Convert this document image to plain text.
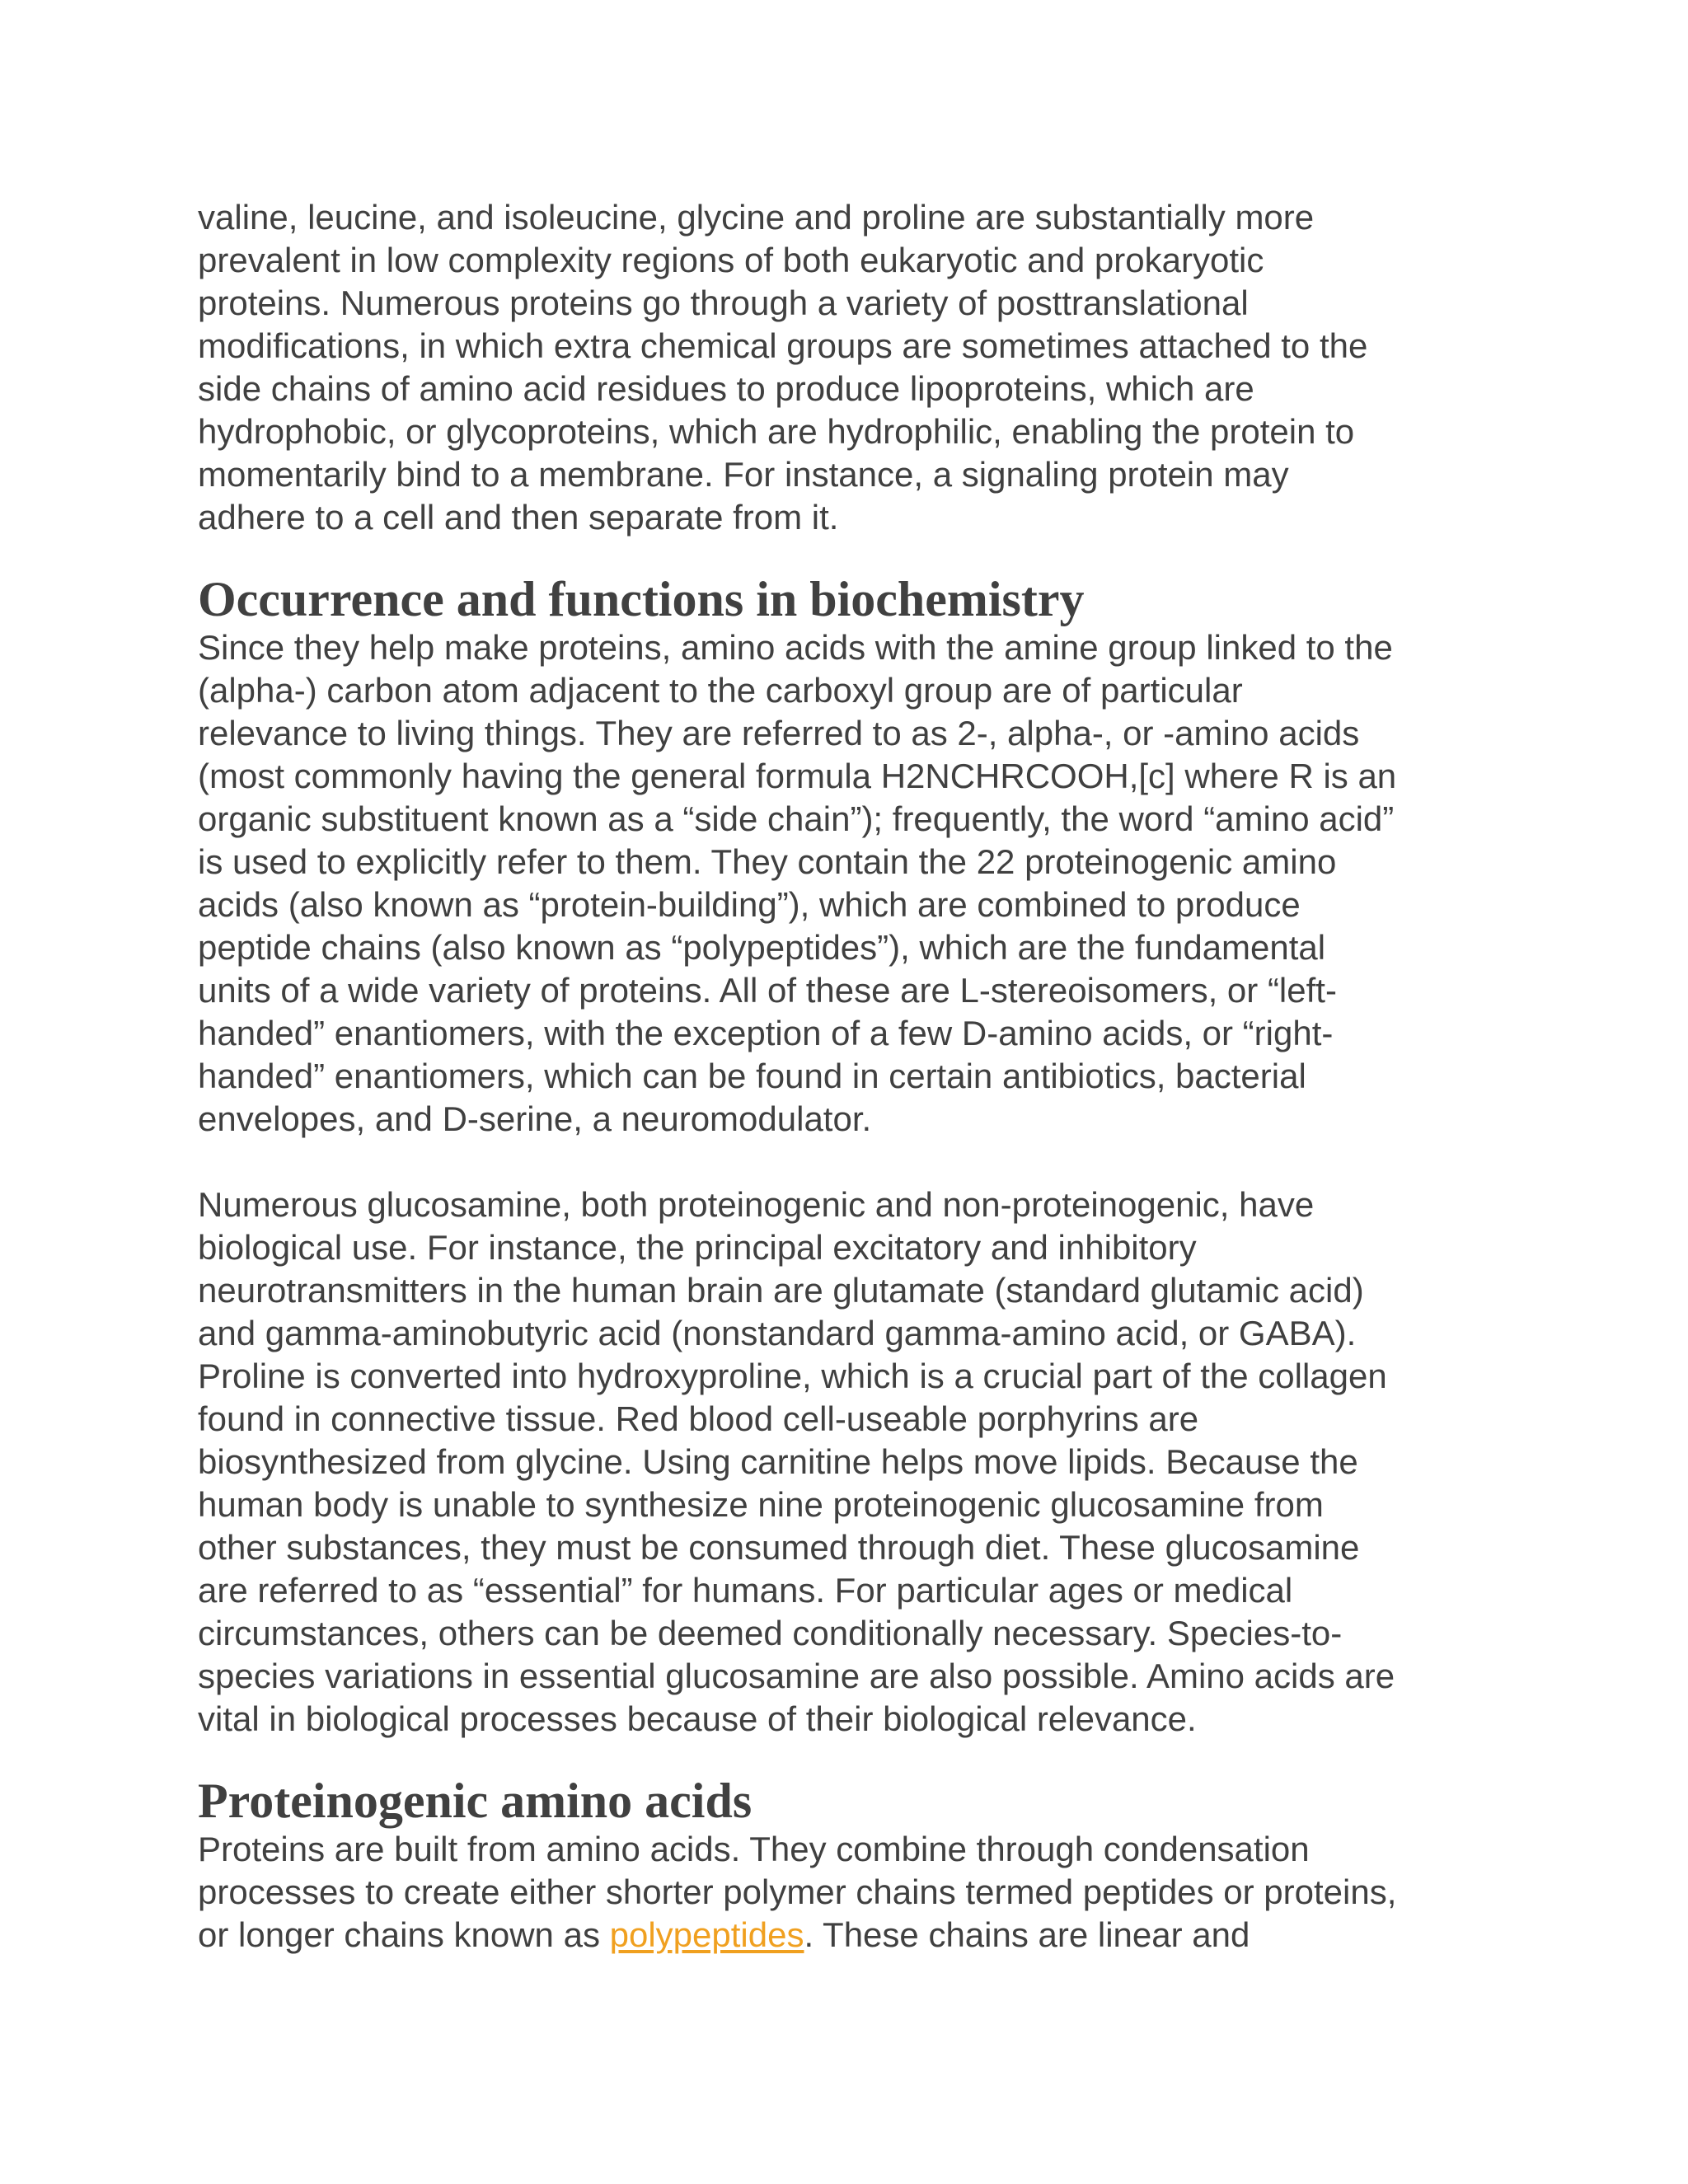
valine, leucine, and isoleucine, glycine and proline are substantially more
prevalent in low complexity regions of both eukaryotic and prokaryotic
proteins. Numerous proteins go through a variety of posttranslational
modifications, in which extra chemical groups are sometimes attached to the
side chains of amino acid residues to produce lipoproteins, which are
hydrophobic, or glycoproteins, which are hydrophilic, enabling the protein to
momentarily bind to a membrane. For instance, a signaling protein may
adhere to a cell and then separate from it.
Occurrence and functions in biochemistry
Since they help make proteins, amino acids with the amine group linked to the
(alpha-) carbon atom adjacent to the carboxyl group are of particular
relevance to living things. They are referred to as 2-, alpha-, or -amino acids
(most commonly having the general formula H2NCHRCOOH,[c] where R is an
organic substituent known as a “side chain”); frequently, the word “amino acid”
is used to explicitly refer to them. They contain the 22 proteinogenic amino
acids (also known as “protein-building”), which are combined to produce
peptide chains (also known as “polypeptides”), which are the fundamental
units of a wide variety of proteins. All of these are L-stereoisomers, or “left-
handed” enantiomers, with the exception of a few D-amino acids, or “right-
handed” enantiomers, which can be found in certain antibiotics, bacterial
envelopes, and D-serine, a neuromodulator.
Numerous glucosamine, both proteinogenic and non-proteinogenic, have
biological use. For instance, the principal excitatory and inhibitory
neurotransmitters in the human brain are glutamate (standard glutamic acid)
and gamma-aminobutyric acid (nonstandard gamma-amino acid, or GABA).
Proline is converted into hydroxyproline, which is a crucial part of the collagen
found in connective tissue. Red blood cell-useable porphyrins are
biosynthesized from glycine. Using carnitine helps move lipids. Because the
human body is unable to synthesize nine proteinogenic glucosamine from
other substances, they must be consumed through diet. These glucosamine
are referred to as “essential” for humans. For particular ages or medical
circumstances, others can be deemed conditionally necessary. Species-to-
species variations in essential glucosamine are also possible. Amino acids are
vital in biological processes because of their biological relevance.
Proteinogenic amino acids
Proteins are built from amino acids. They combine through condensation
processes to create either shorter polymer chains termed peptides or proteins,
or longer chains known as polypeptides. These chains are linear and
